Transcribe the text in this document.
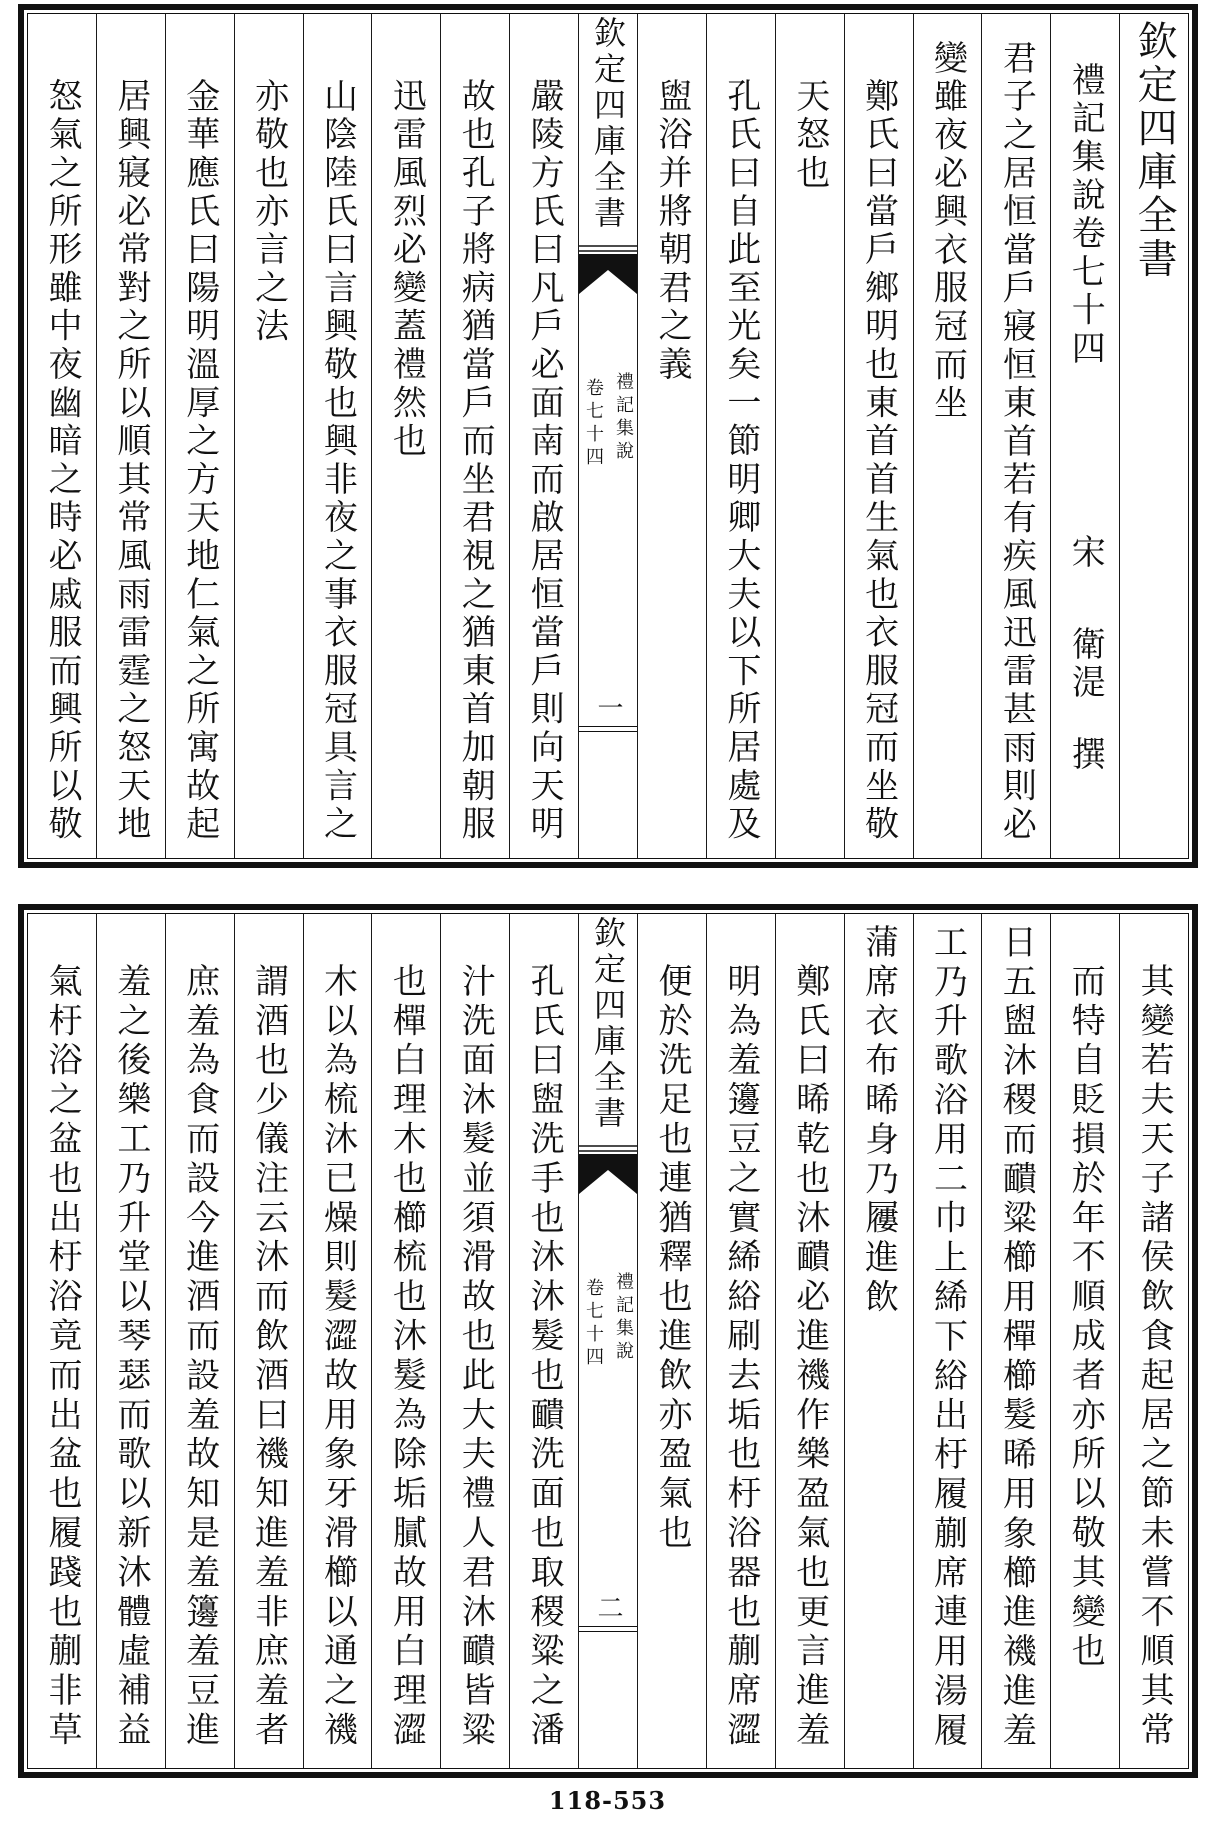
欽定四庫全書
禮記集說卷七十四
宋
衛湜
撰
君子之居恒當戶寢恒東首若有疾風迅雷甚雨則必
變雖夜必興衣服冠而坐
鄭氏曰當戶鄉明也東首首生氣也衣服冠而坐敬
天怒也
孔氏曰自此至光矣一節明卿大夫以下所居處及
盥浴并將朝君之義
欽定四庫全書
禮記集說
卷七十四
一
嚴陵方氏曰凡戶必面南而啟居恒當戶則向天明
故也孔子將病猶當戶而坐君視之猶東首加朝服
迅雷風烈必變蓋禮然也
山陰陸氏曰言興敬也興非夜之事衣服冠具言之
亦敬也亦言之法
金華應氏曰陽明溫厚之方天地仁氣之所寓故起
居興寢必常對之所以順其常風雨雷霆之怒天地
怒氣之所形雖中夜幽暗之時必戚服而興所以敬
其變若夫天子諸侯飲食起居之節未嘗不順其常
而特自貶損於年不順成者亦所以敬其變也
日五盥沐稷而靧粱櫛用樿櫛髮晞用象櫛進禨進羞
工乃升歌浴用二巾上絺下綌出杅履蒯席連用湯履
蒲席衣布晞身乃屨進飲
鄭氏曰晞乾也沐靧必進禨作樂盈氣也更言進羞
明為羞籩豆之實絺綌刷去垢也杅浴器也蒯席澀
便於洗足也連猶釋也進飲亦盈氣也
欽定四庫全書
禮記集說
卷七十四
二
孔氏曰盥洗手也沐沐髮也靧洗面也取稷粱之潘
汁洗面沐髮並須滑故也此大夫禮人君沐靧皆粱
也樿白理木也櫛梳也沐髮為除垢膩故用白理澀
木以為梳沐已燥則髮澀故用象牙滑櫛以通之禨
謂酒也少儀注云沐而飲酒曰禨知進羞非庶羞者
庶羞為食而設今進酒而設羞故知是羞籩羞豆進
羞之後樂工乃升堂以琴瑟而歌以新沐體虛補益
氣杅浴之盆也出杅浴竟而出盆也履踐也蒯非草
118-553
